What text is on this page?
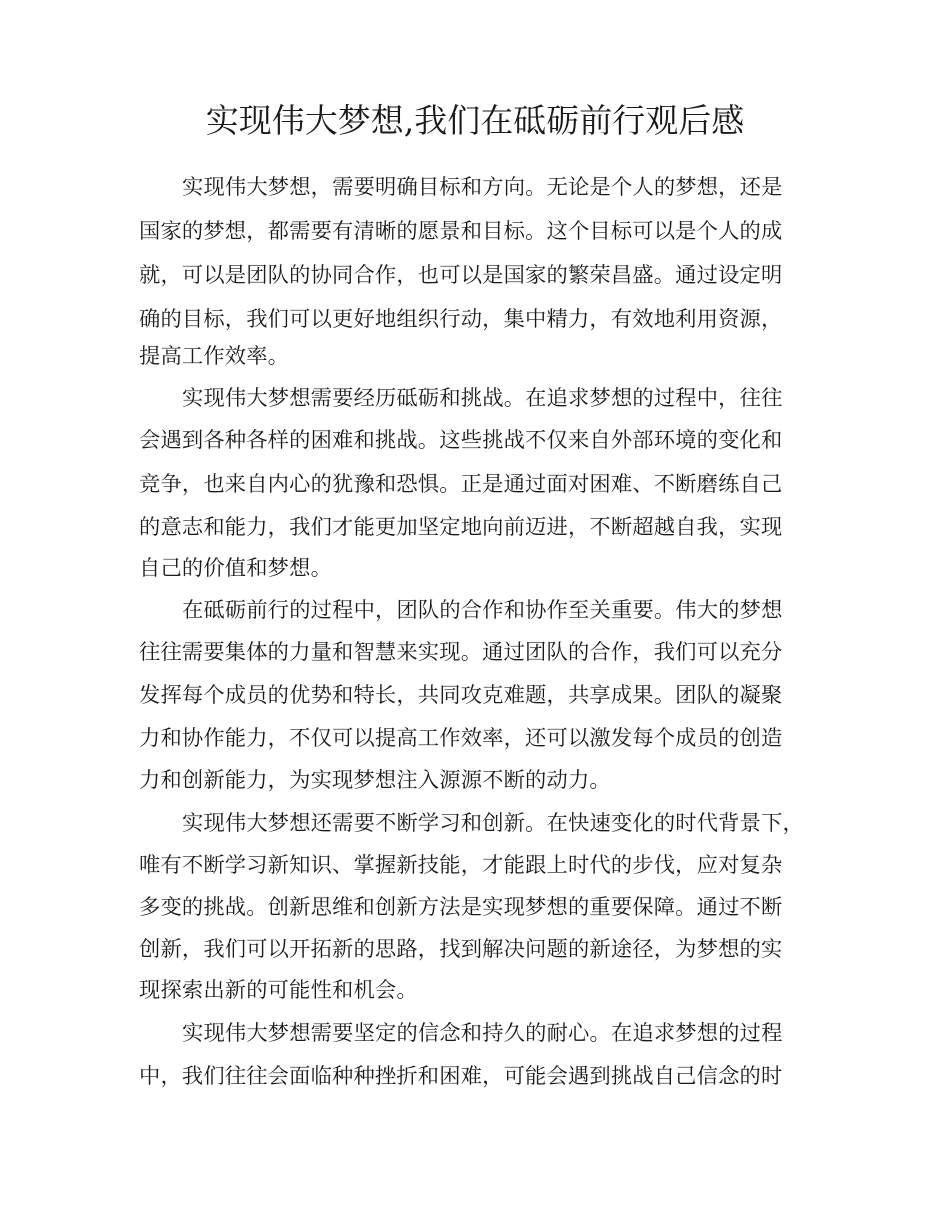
实现伟大梦想,我们在砥砺前行观后感
实现伟大梦想，需要明确目标和方向。无论是个人的梦想，还是
国家的梦想，都需要有清晰的愿景和目标。这个目标可以是个人的成
就，可以是团队的协同合作，也可以是国家的繁荣昌盛。通过设定明
确的目标，我们可以更好地组织行动，集中精力，有效地利用资源，
提高工作效率。
实现伟大梦想需要经历砥砺和挑战。在追求梦想的过程中，往往
会遇到各种各样的困难和挑战。这些挑战不仅来自外部环境的变化和
竞争，也来自内心的犹豫和恐惧。正是通过面对困难、不断磨练自己
的意志和能力，我们才能更加坚定地向前迈进，不断超越自我，实现
自己的价值和梦想。
在砥砺前行的过程中，团队的合作和协作至关重要。伟大的梦想
往往需要集体的力量和智慧来实现。通过团队的合作，我们可以充分
发挥每个成员的优势和特长，共同攻克难题，共享成果。团队的凝聚
力和协作能力，不仅可以提高工作效率，还可以激发每个成员的创造
力和创新能力，为实现梦想注入源源不断的动力。
实现伟大梦想还需要不断学习和创新。在快速变化的时代背景下，
唯有不断学习新知识、掌握新技能，才能跟上时代的步伐，应对复杂
多变的挑战。创新思维和创新方法是实现梦想的重要保障。通过不断
创新，我们可以开拓新的思路，找到解决问题的新途径，为梦想的实
现探索出新的可能性和机会。
实现伟大梦想需要坚定的信念和持久的耐心。在追求梦想的过程
中，我们往往会面临种种挫折和困难，可能会遇到挑战自己信念的时
